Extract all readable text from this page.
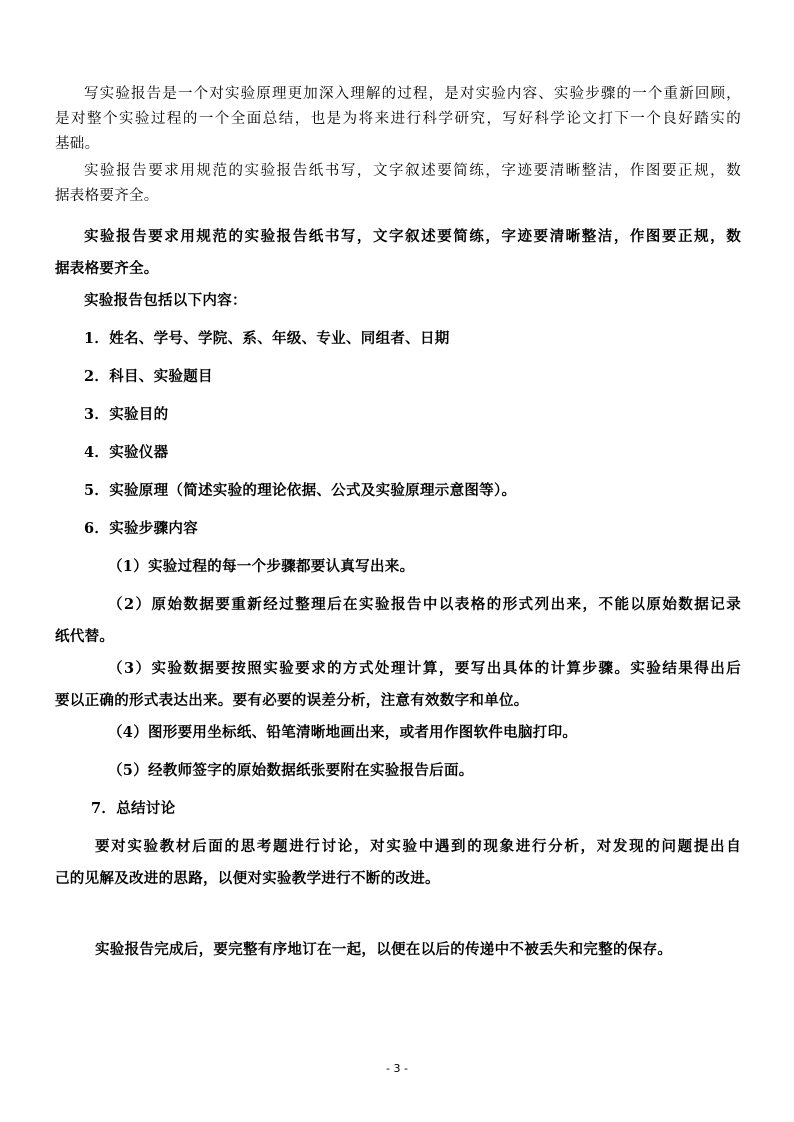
写实验报告是一个对实验原理更加深入理解的过程，是对实验内容、实验步骤的一个重新回顾，
是对整个实验过程的一个全面总结，也是为将来进行科学研究，写好科学论文打下一个良好踏实的
基础。
实验报告要求用规范的实验报告纸书写，文字叙述要简练，字迹要清晰整洁，作图要正规，数
据表格要齐全。
实验报告要求用规范的实验报告纸书写，文字叙述要简练，字迹要清晰整洁，作图要正规，数
据表格要齐全。
实验报告包括以下内容：
1．姓名、学号、学院、系、年级、专业、同组者、日期
2．科目、实验题目
3．实验目的
4．实验仪器
5．实验原理（简述实验的理论依据、公式及实验原理示意图等）。
6．实验步骤内容
（1）实验过程的每一个步骤都要认真写出来。
（2）原始数据要重新经过整理后在实验报告中以表格的形式列出来，不能以原始数据记录
纸代替。
（3）实验数据要按照实验要求的方式处理计算，要写出具体的计算步骤。实验结果得出后
要以正确的形式表达出来。要有必要的误差分析，注意有效数字和单位。
（4）图形要用坐标纸、铅笔清晰地画出来，或者用作图软件电脑打印。
（5）经教师签字的原始数据纸张要附在实验报告后面。
7．总结讨论
要对实验教材后面的思考题进行讨论，对实验中遇到的现象进行分析，对发现的问题提出自
己的见解及改进的思路，以便对实验教学进行不断的改进。
实验报告完成后，要完整有序地订在一起，以便在以后的传递中不被丢失和完整的保存。
- 3 -
